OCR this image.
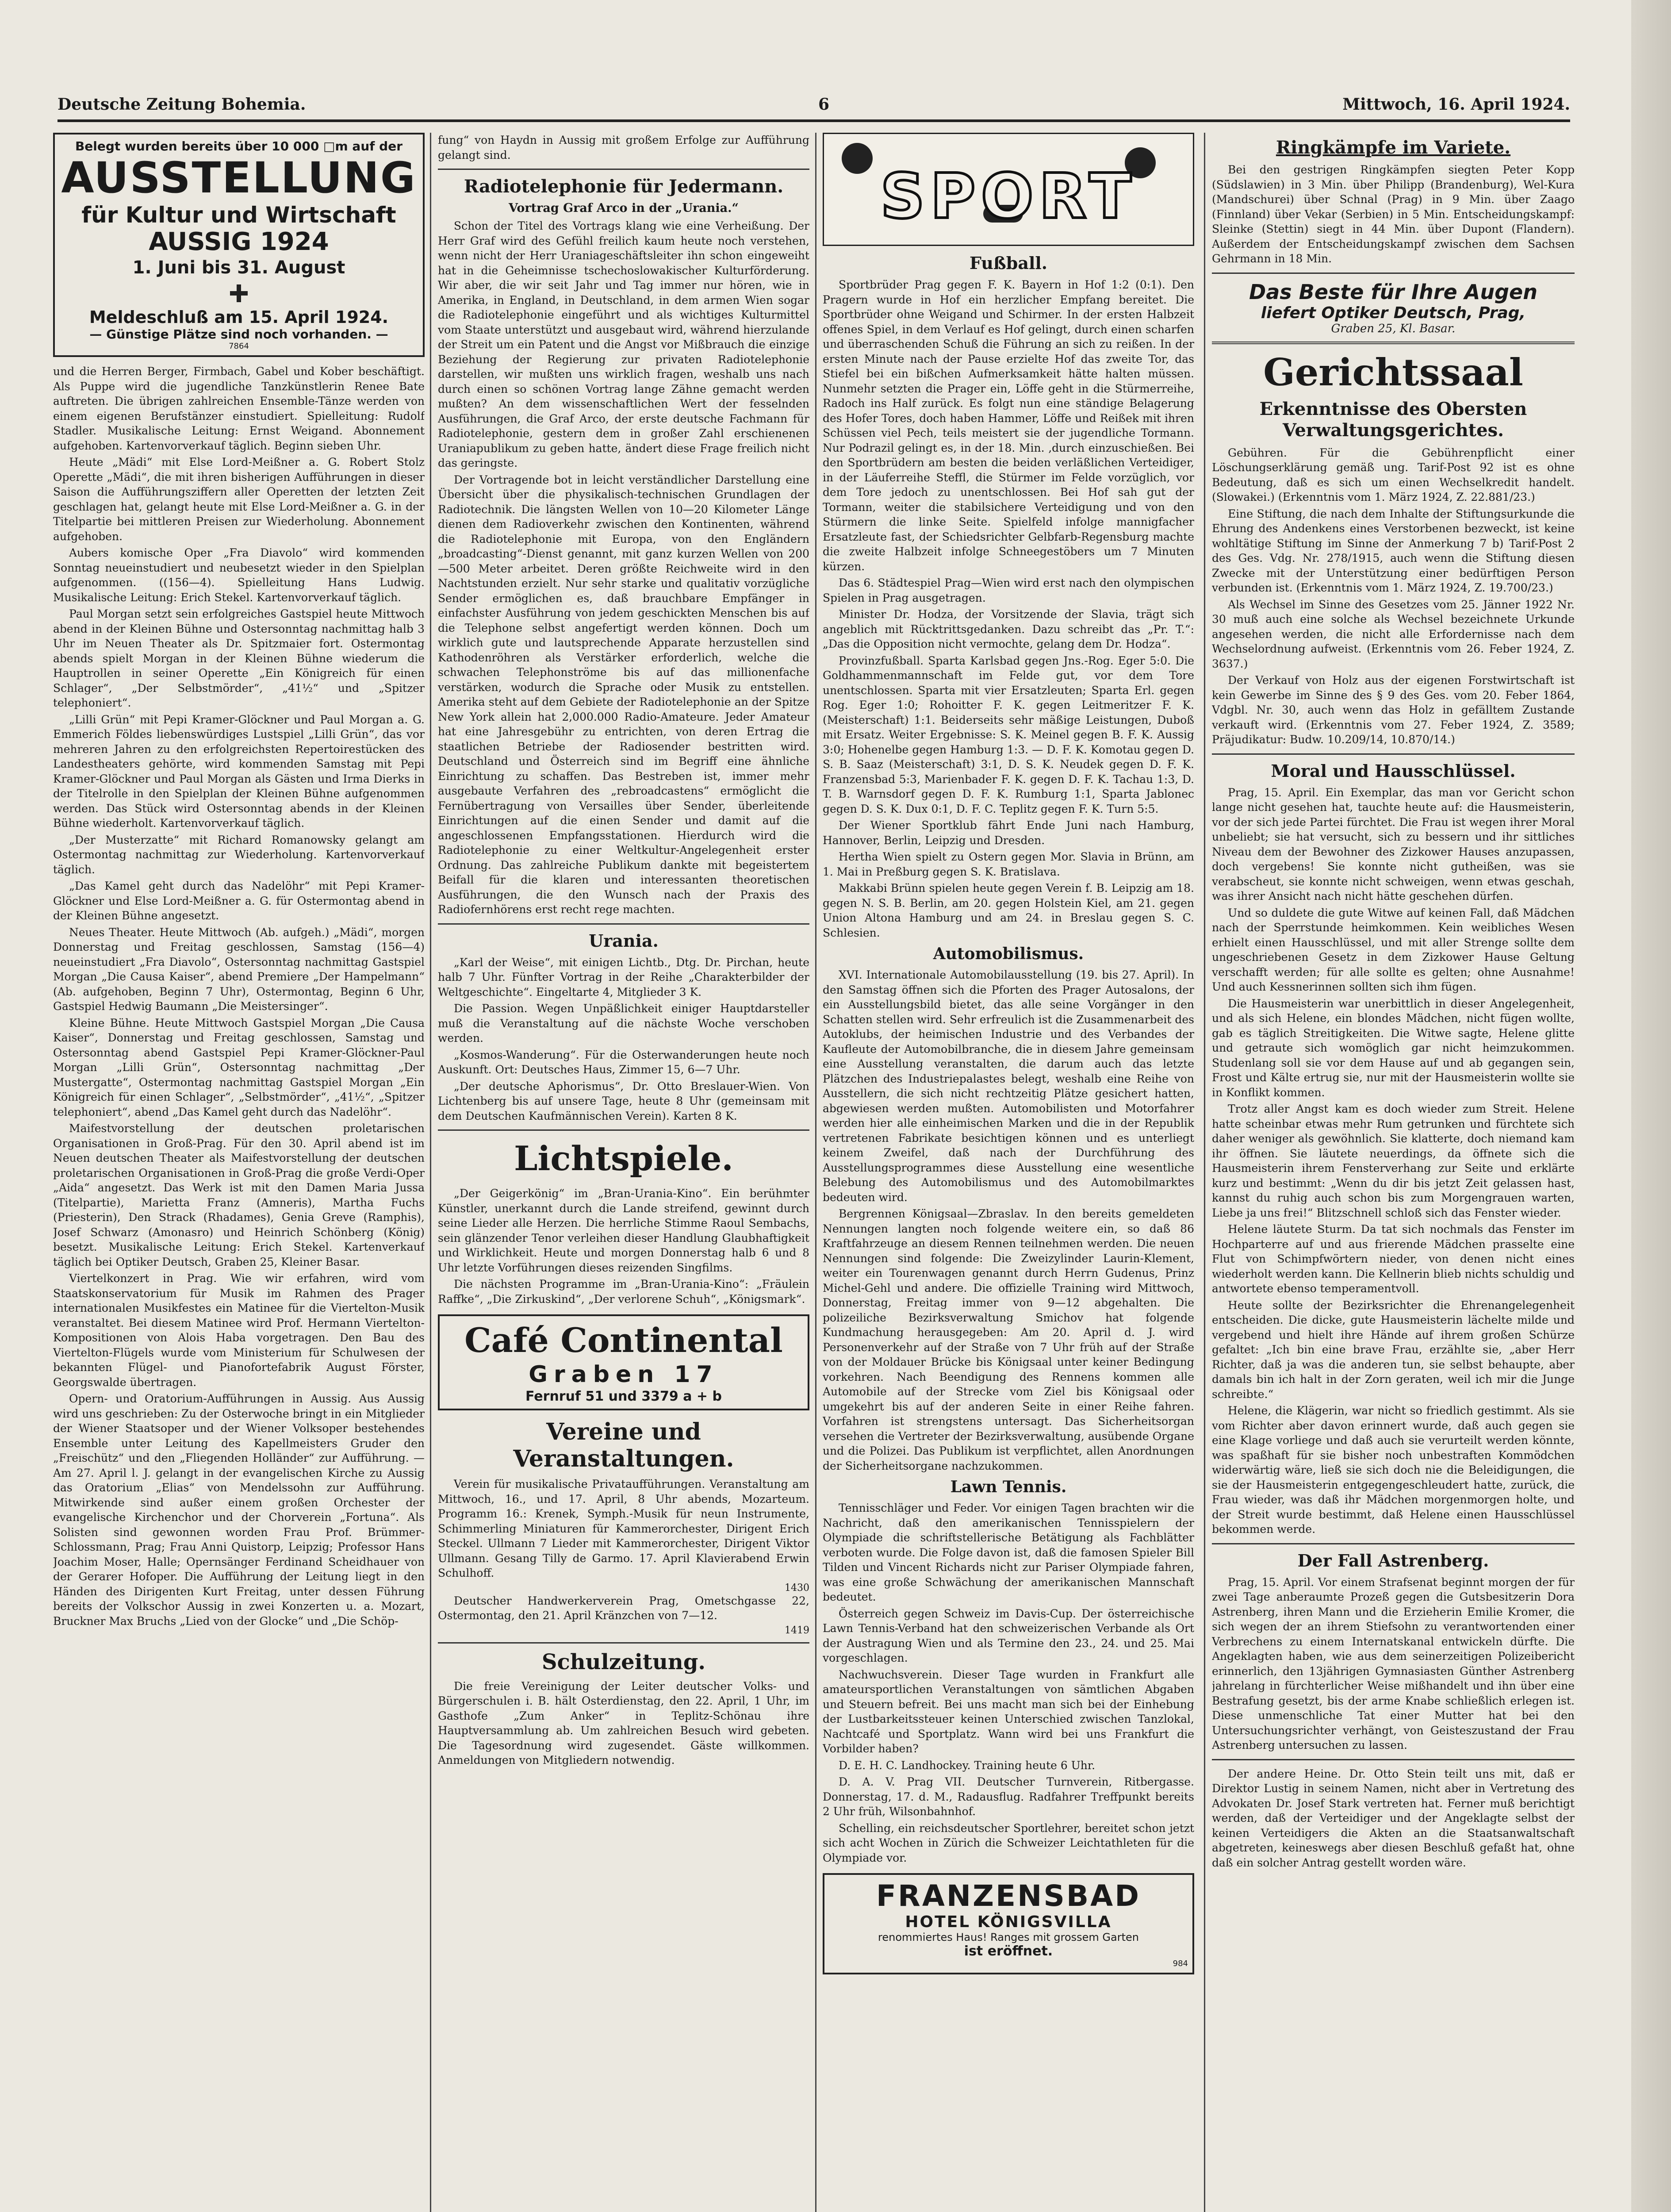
Deutsche Zeitung Bohemia.	6	Mittwoch, 16. April 1924.
Belegt wurden bereits über 10 000 □m auf der
AUSSTELLUNG
für Kultur und Wirtschaft
AUSSIG 1924
1. Juni bis 31. August
Meldeschluß am 15. April 1924.
— Günstige Plätze sind noch vorhanden. —
7864

und die Herren Berger, Firmbach, Gabel und Kober beschäftigt. Als Puppe wird die jugendliche Tanzkünstlerin Renee Bate auftreten. Die übrigen zahlreichen Ensemble-Tänze werden von einem eigenen Berufstänzer einstudiert. Spielleitung: Rudolf Stadler. Musikalische Leitung: Ernst Weigand. Abonnement aufgehoben. Kartenvorverkauf täglich. Beginn sieben Uhr.

Heute „Mädi“ mit Else Lord-Meißner a. G. Robert Stolz Operette „Mädi“, die mit ihren bisherigen Aufführungen in dieser Saison die Aufführungsziffern aller Operetten der letzten Zeit geschlagen hat, gelangt heute mit Else Lord-Meißner a. G. in der Titelpartie bei mittleren Preisen zur Wiederholung. Abonnement aufgehoben.

Aubers komische Oper „Fra Diavolo“ wird kommenden Sonntag neueinstudiert und neubesetzt wieder in den Spielplan aufgenommen. ((156—4). Spielleitung Hans Ludwig. Musikalische Leitung: Erich Stekel. Kartenvorverkauf täglich.

Paul Morgan setzt sein erfolgreiches Gastspiel heute Mittwoch abend in der Kleinen Bühne und Ostersonntag nachmittag halb 3 Uhr im Neuen Theater als Dr. Spitzmaier fort. Ostermontag abends spielt Morgan in der Kleinen Bühne wiederum die Hauptrollen in seiner Operette „Ein Königreich für einen Schlager“, „Der Selbstmörder“, „41½“ und „Spitzer telephoniert“.

„Lilli Grün“ mit Pepi Kramer-Glöckner und Paul Morgan a. G. Emmerich Földes liebenswürdiges Lustspiel „Lilli Grün“, das vor mehreren Jahren zu den erfolgreichsten Repertoirestücken des Landestheaters gehörte, wird kommenden Samstag mit Pepi Kramer-Glöckner und Paul Morgan als Gästen und Irma Dierks in der Titelrolle in den Spielplan der Kleinen Bühne aufgenommen werden. Das Stück wird Ostersonntag abends in der Kleinen Bühne wiederholt. Kartenvorverkauf täglich.

„Der Musterzatte“ mit Richard Romanowsky gelangt am Ostermontag nachmittag zur Wiederholung. Kartenvorverkauf täglich.

„Das Kamel geht durch das Nadelöhr“ mit Pepi Kramer-Glöckner und Else Lord-Meißner a. G. für Ostermontag abend in der Kleinen Bühne angesetzt.

Neues Theater. Heute Mittwoch (Ab. aufgeh.) „Mädi“, morgen Donnerstag und Freitag geschlossen, Samstag (156—4) neueinstudiert „Fra Diavolo“, Ostersonntag nachmittag Gastspiel Morgan „Die Causa Kaiser“, abend Premiere „Der Hampelmann“ (Ab. aufgehoben, Beginn 7 Uhr), Ostermontag, Beginn 6 Uhr, Gastspiel Hedwig Baumann „Die Meistersinger“.

Kleine Bühne. Heute Mittwoch Gastspiel Morgan „Die Causa Kaiser“, Donnerstag und Freitag geschlossen, Samstag und Ostersonntag abend Gastspiel Pepi Kramer-Glöckner-Paul Morgan „Lilli Grün“, Ostersonntag nachmittag „Der Mustergatte“, Ostermontag nachmittag Gastspiel Morgan „Ein Königreich für einen Schlager“, „Selbstmörder“, „41½“, „Spitzer telephoniert“, abend „Das Kamel geht durch das Nadelöhr“.

Maifestvorstellung der deutschen proletarischen Organisationen in Groß-Prag. Für den 30. April abend ist im Neuen deutschen Theater als Maifestvorstellung der deutschen proletarischen Organisationen in Groß-Prag die große Verdi-Oper „Aida“ angesetzt. Das Werk ist mit den Damen Maria Jussa (Titelpartie), Marietta Franz (Amneris), Martha Fuchs (Priesterin), Den Strack (Rhadames), Genia Greve (Ramphis), Josef Schwarz (Amonasro) und Heinrich Schönberg (König) besetzt. Musikalische Leitung: Erich Stekel. Kartenverkauf täglich bei Optiker Deutsch, Graben 25, Kleiner Basar.

Viertelkonzert in Prag. Wie wir erfahren, wird vom Staatskonservatorium für Musik im Rahmen des Prager internationalen Musikfestes ein Matinee für die Viertelton-Musik veranstaltet. Bei diesem Matinee wird Prof. Hermann Viertelton-Kompositionen von Alois Haba vorgetragen. Den Bau des Viertelton-Flügels wurde vom Ministerium für Schulwesen der bekannten Flügel- und Pianofortefabrik August Förster, Georgswalde übertragen.

Opern- und Oratorium-Aufführungen in Aussig. Aus Aussig wird uns geschrieben: Zu der Osterwoche bringt in ein Mitglieder der Wiener Staatsoper und der Wiener Volksoper bestehendes Ensemble unter Leitung des Kapellmeisters Gruder den „Freischütz“ und den „Fliegenden Holländer“ zur Aufführung. — Am 27. April l. J. gelangt in der evangelischen Kirche zu Aussig das Oratorium „Elias“ von Mendelssohn zur Aufführung. Mitwirkende sind außer einem großen Orchester der evangelische Kirchenchor und der Chorverein „Fortuna“. Als Solisten sind gewonnen worden Frau Prof. Brümmer-Schlossmann, Prag; Frau Anni Quistorp, Leipzig; Professor Hans Joachim Moser, Halle; Opernsänger Ferdinand Scheidhauer von der Gerarer Hofoper. Die Aufführung der Leitung liegt in den Händen des Dirigenten Kurt Freitag, unter dessen Führung bereits der Volkschor Aussig in zwei Konzerten u. a. Mozart, Bruckner Max Bruchs „Lied von der Glocke“ und „Die Schöp-

fung“ von Haydn in Aussig mit großem Erfolge zur Aufführung gelangt sind.

Radiotelephonie für Jedermann.
Vortrag Graf Arco in der „Urania.“

Schon der Titel des Vortrags klang wie eine Verheißung. Der Herr Graf wird des Gefühl freilich kaum heute noch verstehen, wenn nicht der Herr Uraniageschäftsleiter ihn schon eingeweiht hat in die Geheimnisse tschechoslowakischer Kulturförderung. Wir aber, die wir seit Jahr und Tag immer nur hören, wie in Amerika, in England, in Deutschland, in dem armen Wien sogar die Radiotelephonie eingeführt und als wichtiges Kulturmittel vom Staate unterstützt und ausgebaut wird, während hierzulande der Streit um ein Patent und die Angst vor Mißbrauch die einzige Beziehung der Regierung zur privaten Radiotelephonie darstellen, wir mußten uns wirklich fragen, weshalb uns nach durch einen so schönen Vortrag lange Zähne gemacht werden mußten? An dem wissenschaftlichen Wert der fesselnden Ausführungen, die Graf Arco, der erste deutsche Fachmann für Radiotelephonie, gestern dem in großer Zahl erschienenen Uraniapublikum zu geben hatte, ändert diese Frage freilich nicht das geringste.

Der Vortragende bot in leicht verständlicher Darstellung eine Übersicht über die physikalisch-technischen Grundlagen der Radiotechnik. Die längsten Wellen von 10—20 Kilometer Länge dienen dem Radioverkehr zwischen den Kontinenten, während die Radiotelephonie mit Europa, von den Engländern „broadcasting“-Dienst genannt, mit ganz kurzen Wellen von 200—500 Meter arbeitet. Deren größte Reichweite wird in den Nachtstunden erzielt. Nur sehr starke und qualitativ vorzügliche Sender ermöglichen es, daß brauchbare Empfänger in einfachster Ausführung von jedem geschickten Menschen bis auf die Telephone selbst angefertigt werden können. Doch um wirklich gute und lautsprechende Apparate herzustellen sind Kathodenröhren als Verstärker erforderlich, welche die schwachen Telephonströme bis auf das millionenfache verstärken, wodurch die Sprache oder Musik zu entstellen. Amerika steht auf dem Gebiete der Radiotelephonie an der Spitze New York allein hat 2,000.000 Radio-Amateure. Jeder Amateur hat eine Jahresgebühr zu entrichten, von deren Ertrag die staatlichen Betriebe der Radiosender bestritten wird. Deutschland und Österreich sind im Begriff eine ähnliche Einrichtung zu schaffen. Das Bestreben ist, immer mehr ausgebaute Verfahren des „rebroadcastens“ ermöglicht die Fernübertragung von Versailles über Sender, überleitende Einrichtungen auf die einen Sender und damit auf die angeschlossenen Empfangsstationen. Hierdurch wird die Radiotelephonie zu einer Weltkultur-Angelegenheit erster Ordnung. Das zahlreiche Publikum dankte mit begeistertem Beifall für die klaren und interessanten theoretischen Ausführungen, die den Wunsch nach der Praxis des Radiofernhörens erst recht rege machten.

Urania.

„Karl der Weise“, mit einigen Lichtb., Dtg. Dr. Pirchan, heute halb 7 Uhr. Fünfter Vortrag in der Reihe „Charakterbilder der Weltgeschichte“. Eingeltarte 4, Mitglieder 3 K.

Die Passion. Wegen Unpäßlichkeit einiger Hauptdarsteller muß die Veranstaltung auf die nächste Woche verschoben werden.

„Kosmos-Wanderung“. Für die Osterwanderungen heute noch Auskunft. Ort: Deutsches Haus, Zimmer 15, 6—7 Uhr.

„Der deutsche Aphorismus“, Dr. Otto Breslauer-Wien. Von Lichtenberg bis auf unsere Tage, heute 8 Uhr (gemeinsam mit dem Deutschen Kaufmännischen Verein). Karten 8 K.

Lichtspiele.

„Der Geigerkönig“ im „Bran-Urania-Kino“. Ein berühmter Künstler, unerkannt durch die Lande streifend, gewinnt durch seine Lieder alle Herzen. Die herrliche Stimme Raoul Sembachs, sein glänzender Tenor verleihen dieser Handlung Glaubhaftigkeit und Wirklichkeit. Heute und morgen Donnerstag halb 6 und 8 Uhr letzte Vorführungen dieses reizenden Singfilms.

Die nächsten Programme im „Bran-Urania-Kino“: „Fräulein Raffke“, „Die Zirkuskind“, „Der verlorene Schuh“, „Königsmark“.

Café Continental
Graben 17
Fernruf 51 und 3379 a + b
Vereine und Veranstaltungen.

Verein für musikalische Privataufführungen. Veranstaltung am Mittwoch, 16., und 17. April, 8 Uhr abends, Mozarteum. Programm 16.: Krenek, Symph.-Musik für neun Instrumente, Schimmerling Miniaturen für Kammerorchester, Dirigent Erich Steckel. Ullmann 7 Lieder mit Kammerorchester, Dirigent Viktor Ullmann. Gesang Tilly de Garmo. 17. April Klavierabend Erwin Schulhoff.

1430

Deutscher Handwerkerverein Prag, Ometschgasse 22, Ostermontag, den 21. April Kränzchen von 7—12.

1419
Schulzeitung.

Die freie Vereinigung der Leiter deutscher Volks- und Bürgerschulen i. B. hält Osterdienstag, den 22. April, 1 Uhr, im Gasthofe „Zum Anker“ in Teplitz-Schönau ihre Hauptversammlung ab. Um zahlreichen Besuch wird gebeten. Die Tagesordnung wird zugesendet. Gäste willkommen. Anmeldungen von Mitgliedern notwendig.

SPORT
Fußball.

Sportbrüder Prag gegen F. K. Bayern in Hof 1:2 (0:1). Den Pragern wurde in Hof ein herzlicher Empfang bereitet. Die Sportbrüder ohne Weigand und Schirmer. In der ersten Halbzeit offenes Spiel, in dem Verlauf es Hof gelingt, durch einen scharfen und überraschenden Schuß die Führung an sich zu reißen. In der ersten Minute nach der Pause erzielte Hof das zweite Tor, das Stiefel bei ein bißchen Aufmerksamkeit hätte halten müssen. Nunmehr setzten die Prager ein, Löffe geht in die Stürmerreihe, Radoch ins Half zurück. Es folgt nun eine ständige Belagerung des Hofer Tores, doch haben Hammer, Löffe und Reißek mit ihren Schüssen viel Pech, teils meistert sie der jugendliche Tormann. Nur Podrazil gelingt es, in der 18. Min. ‚durch einzuschießen. Bei den Sportbrüdern am besten die beiden verläßlichen Verteidiger, in der Läuferreihe Steffl, die Stürmer im Felde vorzüglich, vor dem Tore jedoch zu unentschlossen. Bei Hof sah gut der Tormann, weiter die stabilsichere Verteidigung und von den Stürmern die linke Seite. Spielfeld infolge mannigfacher Ersatzleute fast, der Schiedsrichter Gelbfarb-Regensburg machte die zweite Halbzeit infolge Schneegestöbers um 7 Minuten kürzen.

Das 6. Städtespiel Prag—Wien wird erst nach den olympischen Spielen in Prag ausgetragen.

Minister Dr. Hodza, der Vorsitzende der Slavia, trägt sich angeblich mit Rücktrittsgedanken. Dazu schreibt das „Pr. T.“: „Das die Opposition nicht vermochte, gelang dem Dr. Hodza“.

Provinzfußball. Sparta Karlsbad gegen Jns.-Rog. Eger 5:0. Die Goldhammenmannschaft im Felde gut, vor dem Tore unentschlossen. Sparta mit vier Ersatzleuten; Sparta Erl. gegen Rog. Eger 1:0; Rohoitter F. K. gegen Leitmeritzer F. K. (Meisterschaft) 1:1. Beiderseits sehr mäßige Leistungen, Duboß mit Ersatz. Weiter Ergebnisse: S. K. Meinel gegen B. F. K. Aussig 3:0; Hohenelbe gegen Hamburg 1:3. — D. F. K. Komotau gegen D. S. B. Saaz (Meisterschaft) 3:1, D. S. K. Neudek gegen D. F. K. Franzensbad 5:3, Marienbader F. K. gegen D. F. K. Tachau 1:3, D. T. B. Warnsdorf gegen D. F. K. Rumburg 1:1, Sparta Jablonec gegen D. S. K. Dux 0:1, D. F. C. Teplitz gegen F. K. Turn 5:5.

Der Wiener Sportklub fährt Ende Juni nach Hamburg, Hannover, Berlin, Leipzig und Dresden.

Hertha Wien spielt zu Ostern gegen Mor. Slavia in Brünn, am 1. Mai in Preßburg gegen S. K. Bratislava.

Makkabi Brünn spielen heute gegen Verein f. B. Leipzig am 18. gegen N. S. B. Berlin, am 20. gegen Holstein Kiel, am 21. gegen Union Altona Hamburg und am 24. in Breslau gegen S. C. Schlesien.

Automobilismus.

XVI. Internationale Automobilausstellung (19. bis 27. April). In den Samstag öffnen sich die Pforten des Prager Autosalons, der ein Ausstellungsbild bietet, das alle seine Vorgänger in den Schatten stellen wird. Sehr erfreulich ist die Zusammenarbeit des Autoklubs, der heimischen Industrie und des Verbandes der Kaufleute der Automobilbranche, die in diesem Jahre gemeinsam eine Ausstellung veranstalten, die darum auch das letzte Plätzchen des Industriepalastes belegt, weshalb eine Reihe von Ausstellern, die sich nicht rechtzeitig Plätze gesichert hatten, abgewiesen werden mußten. Automobilisten und Motorfahrer werden hier alle einheimischen Marken und die in der Republik vertretenen Fabrikate besichtigen können und es unterliegt keinem Zweifel, daß nach der Durchführung des Ausstellungsprogrammes diese Ausstellung eine wesentliche Belebung des Automobilismus und des Automobilmarktes bedeuten wird.

Bergrennen Königsaal—Zbraslav. In den bereits gemeldeten Nennungen langten noch folgende weitere ein, so daß 86 Kraftfahrzeuge an diesem Rennen teilnehmen werden. Die neuen Nennungen sind folgende: Die Zweizylinder Laurin-Klement, weiter ein Tourenwagen genannt durch Herrn Gudenus, Prinz Michel-Gehl und andere. Die offizielle Training wird Mittwoch, Donnerstag, Freitag immer von 9—12 abgehalten. Die polizeiliche Bezirksverwaltung Smichov hat folgende Kundmachung herausgegeben: Am 20. April d. J. wird Personenverkehr auf der Straße von 7 Uhr früh auf der Straße von der Moldauer Brücke bis Königsaal unter keiner Bedingung vorkehren. Nach Beendigung des Rennens kommen alle Automobile auf der Strecke vom Ziel bis Königsaal oder umgekehrt bis auf der anderen Seite in einer Reihe fahren. Vorfahren ist strengstens untersagt. Das Sicherheitsorgan versehen die Vertreter der Bezirksverwaltung, ausübende Organe und die Polizei. Das Publikum ist verpflichtet, allen Anordnungen der Sicherheitsorgane nachzukommen.

Lawn Tennis.

Tennisschläger und Feder. Vor einigen Tagen brachten wir die Nachricht, daß den amerikanischen Tennisspielern der Olympiade die schriftstellerische Betätigung als Fachblätter verboten wurde. Die Folge davon ist, daß die famosen Spieler Bill Tilden und Vincent Richards nicht zur Pariser Olympiade fahren, was eine große Schwächung der amerikanischen Mannschaft bedeutet.

Österreich gegen Schweiz im Davis-Cup. Der österreichische Lawn Tennis-Verband hat den schweizerischen Verbande als Ort der Austragung Wien und als Termine den 23., 24. und 25. Mai vorgeschlagen.

Nachwuchsverein. Dieser Tage wurden in Frankfurt alle amateursportlichen Veranstaltungen von sämtlichen Abgaben und Steuern befreit. Bei uns macht man sich bei der Einhebung der Lustbarkeitssteuer keinen Unterschied zwischen Tanzlokal, Nachtcafé und Sportplatz. Wann wird bei uns Frankfurt die Vorbilder haben?

D. E. H. C. Landhockey. Training heute 6 Uhr.

D. A. V. Prag VII. Deutscher Turnverein, Ritbergasse. Donnerstag, 17. d. M., Radausflug. Radfahrer Treffpunkt bereits 2 Uhr früh, Wilsonbahnhof.

Schelling, ein reichsdeutscher Sportlehrer, bereitet schon jetzt sich acht Wochen in Zürich die Schweizer Leichtathleten für die Olympiade vor.

FRANZENSBAD
HOTEL KÖNIGSVILLA
renommiertes Haus! Ranges mit grossem Garten
ist eröffnet.
984
Ringkämpfe im Variete.

Bei den gestrigen Ringkämpfen siegten Peter Kopp (Südslawien) in 3 Min. über Philipp (Brandenburg), Wel-Kura (Mandschurei) über Schnal (Prag) in 9 Min. über Zaago (Finnland) über Vekar (Serbien) in 5 Min. Entscheidungskampf: Sleinke (Stettin) siegt in 44 Min. über Dupont (Flandern). Außerdem der Entscheidungskampf zwischen dem Sachsen Gehrmann in 18 Min.

Das Beste für Ihre Augen
liefert Optiker Deutsch, Prag,
Graben 25, Kl. Basar.
Gerichtssaal
Erkenntnisse des Obersten Verwaltungsgerichtes.

Gebühren. Für die Gebührenpflicht einer Löschungserklärung gemäß ung. Tarif-Post 92 ist es ohne Bedeutung, daß es sich um einen Wechselkredit handelt. (Slowakei.) (Erkenntnis vom 1. März 1924, Z. 22.881/23.)

Eine Stiftung, die nach dem Inhalte der Stiftungsurkunde die Ehrung des Andenkens eines Verstorbenen bezweckt, ist keine wohltätige Stiftung im Sinne der Anmerkung 7 b) Tarif-Post 2 des Ges. Vdg. Nr. 278/1915, auch wenn die Stiftung diesen Zwecke mit der Unterstützung einer bedürftigen Person verbunden ist. (Erkenntnis vom 1. März 1924, Z. 19.700/23.)

Als Wechsel im Sinne des Gesetzes vom 25. Jänner 1922 Nr. 30 muß auch eine solche als Wechsel bezeichnete Urkunde angesehen werden, die nicht alle Erfordernisse nach dem Wechselordnung aufweist. (Erkenntnis vom 26. Feber 1924, Z. 3637.)

Der Verkauf von Holz aus der eigenen Forstwirtschaft ist kein Gewerbe im Sinne des § 9 des Ges. vom 20. Feber 1864, Vdgbl. Nr. 30, auch wenn das Holz in gefälltem Zustande verkauft wird. (Erkenntnis vom 27. Feber 1924, Z. 3589; Präjudikatur: Budw. 10.209/14, 10.870/14.)

Moral und Hausschlüssel.

Prag, 15. April. Ein Exemplar, das man vor Gericht schon lange nicht gesehen hat, tauchte heute auf: die Hausmeisterin, vor der sich jede Partei fürchtet. Die Frau ist wegen ihrer Moral unbeliebt; sie hat versucht, sich zu bessern und ihr sittliches Niveau dem der Bewohner des Zizkower Hauses anzupassen, doch vergebens! Sie konnte nicht gutheißen, was sie verabscheut, sie konnte nicht schweigen, wenn etwas geschah, was ihrer Ansicht nach nicht hätte geschehen dürfen.

Und so duldete die gute Witwe auf keinen Fall, daß Mädchen nach der Sperrstunde heimkommen. Kein weibliches Wesen erhielt einen Hausschlüssel, und mit aller Strenge sollte dem ungeschriebenen Gesetz in dem Zizkower Hause Geltung verschafft werden; für alle sollte es gelten; ohne Ausnahme! Und auch Kessnerinnen sollten sich ihm fügen.

Die Hausmeisterin war unerbittlich in dieser Angelegenheit, und als sich Helene, ein blondes Mädchen, nicht fügen wollte, gab es täglich Streitigkeiten. Die Witwe sagte, Helene glitte und getraute sich womöglich gar nicht heimzukommen. Studenlang soll sie vor dem Hause auf und ab gegangen sein, Frost und Kälte ertrug sie, nur mit der Hausmeisterin wollte sie in Konflikt kommen.

Trotz aller Angst kam es doch wieder zum Streit. Helene hatte scheinbar etwas mehr Rum getrunken und fürchtete sich daher weniger als gewöhnlich. Sie klatterte, doch niemand kam ihr öffnen. Sie läutete neuerdings, da öffnete sich die Hausmeisterin ihrem Fensterverhang zur Seite und erklärte kurz und bestimmt: „Wenn du dir bis jetzt Zeit gelassen hast, kannst du ruhig auch schon bis zum Morgengrauen warten, Liebe ja uns frei!“ Blitzschnell schloß sich das Fenster wieder.

Helene läutete Sturm. Da tat sich nochmals das Fenster im Hochparterre auf und aus frierende Mädchen prasselte eine Flut von Schimpfwörtern nieder, von denen nicht eines wiederholt werden kann. Die Kellnerin blieb nichts schuldig und antwortete ebenso temperamentvoll.

Heute sollte der Bezirksrichter die Ehrenangelegenheit entscheiden. Die dicke, gute Hausmeisterin lächelte milde und vergebend und hielt ihre Hände auf ihrem großen Schürze gefaltet: „Ich bin eine brave Frau, erzählte sie, „aber Herr Richter, daß ja was die anderen tun, sie selbst behaupte, aber damals bin ich halt in der Zorn geraten, weil ich mir die Junge schreibte.“

Helene, die Klägerin, war nicht so friedlich gestimmt. Als sie vom Richter aber davon erinnert wurde, daß auch gegen sie eine Klage vorliege und daß auch sie verurteilt werden könnte, was spaßhaft für sie bisher noch unbestraften Kommödchen widerwärtig wäre, ließ sie sich doch nie die Beleidigungen, die sie der Hausmeisterin entgegengeschleudert hatte, zurück, die Frau wieder, was daß ihr Mädchen morgenmorgen holte, und der Streit wurde bestimmt, daß Helene einen Hausschlüssel bekommen werde.

Der Fall Astrenberg.

Prag, 15. April. Vor einem Strafsenat beginnt morgen der für zwei Tage anberaumte Prozeß gegen die Gutsbesitzerin Dora Astrenberg, ihren Mann und die Erzieherin Emilie Kromer, die sich wegen der an ihrem Stiefsohn zu verantwortenden einer Verbrechens zu einem Internatskanal entwickeln dürfte. Die Angeklagten haben, wie aus dem seinerzeitigen Polizeibericht erinnerlich, den 13jährigen Gymnasiasten Günther Astrenberg jahrelang in fürchterlicher Weise mißhandelt und ihn über eine Bestrafung gesetzt, bis der arme Knabe schließlich erlegen ist. Diese unmenschliche Tat einer Mutter hat bei den Untersuchungsrichter verhängt, von Geisteszustand der Frau Astrenberg untersuchen zu lassen.

Der andere Heine. Dr. Otto Stein teilt uns mit, daß er Direktor Lustig in seinem Namen, nicht aber in Vertretung des Advokaten Dr. Josef Stark vertreten hat. Ferner muß berichtigt werden, daß der Verteidiger und der Angeklagte selbst der keinen Verteidigers die Akten an die Staatsanwaltschaft abgetreten, keineswegs aber diesen Beschluß gefaßt hat, ohne daß ein solcher Antrag gestellt worden wäre.
